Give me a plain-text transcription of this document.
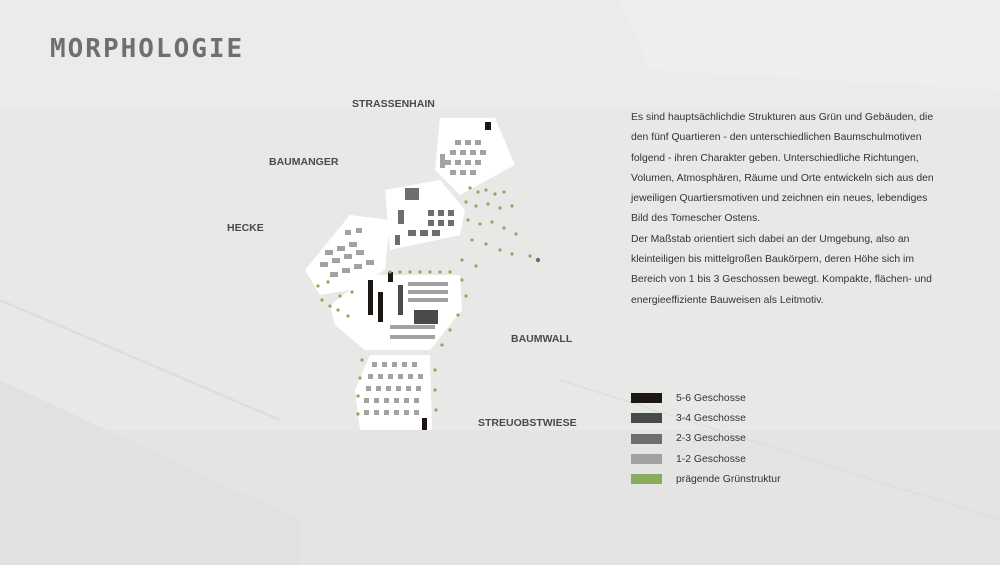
MORPHOLOGIE
STRASSENHAIN
BAUMANGER
HECKE
BAUMWALL
STREUOBSTWIESE

Es sind hauptsächlichdie Strukturen aus Grün und Gebäuden, die den fünf Quartieren - den unterschiedlichen Baumschulmotiven folgend - ihren Charakter geben. Unterschiedliche Richtungen, Volumen, Atmosphären, Räume und Orte entwickeln sich aus den jeweiligen Quartiersmotiven und zeichnen ein neues, lebendiges Bild des Tomescher Ostens.

Der Maßstab orientiert sich dabei an der Umgebung, also an kleinteiligen bis mittelgroßen Baukörpern, deren Höhe sich im Bereich von 1 bis 3 Geschossen bewegt. Kompakte, flächen- und energieeffiziente Bauweisen als Leitmotiv.

5-6 Geschosse
3-4 Geschosse
2-3 Geschosse
1-2 Geschosse
prägende Grünstruktur
